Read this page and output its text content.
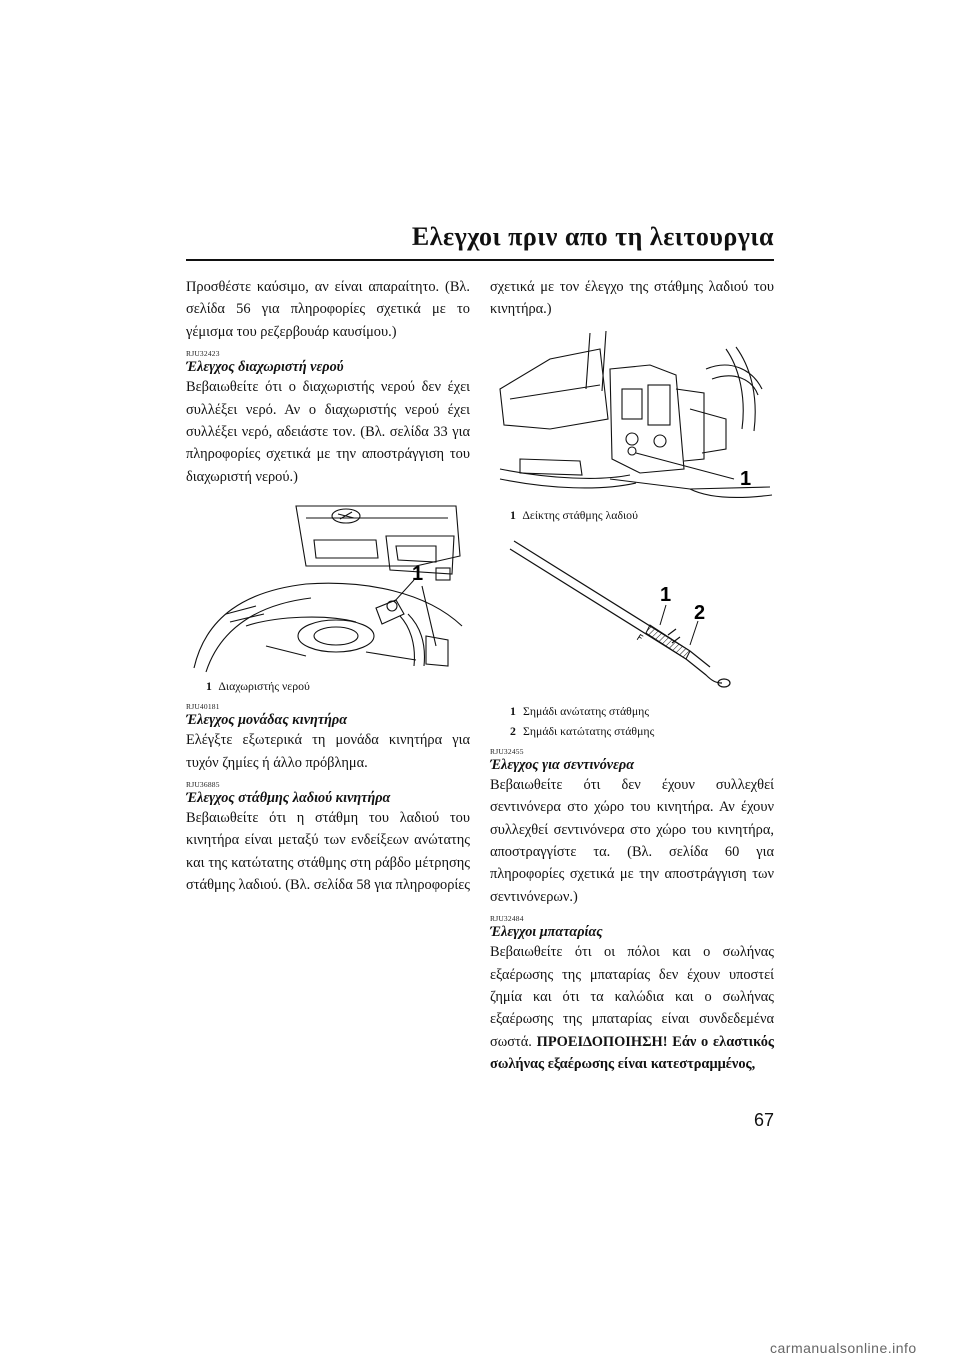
Ελεγχοι πριν απο τη λειτουργια

Προσθέστε καύσιμο, αν είναι απαραίτητο. (Βλ. σελίδα 56 για πληροφορίες σχετικά με το γέμισμα του ρεζερβουάρ καυσίμου.)

RJU32423
Έλεγχος διαχωριστή νερού

Βεβαιωθείτε ότι ο διαχωριστής νερού δεν έχει συλλέξει νερό. Αν ο διαχωριστής νερού έχει συλλέξει νερό, αδειάστε τον. (Βλ. σελίδα 33 για πληροφορίες σχετικά με την αποστράγγιση του διαχωριστή νερού.)

1
1 Διαχωριστής νερού
RJU40181
Έλεγχος μονάδας κινητήρα

Ελέγξτε εξωτερικά τη μονάδα κινητήρα για τυχόν ζημίες ή άλλο πρόβλημα.

RJU36885
Έλεγχος στάθμης λαδιού κινητήρα

Βεβαιωθείτε ότι η στάθμη του λαδιού του κινητήρα είναι μεταξύ των ενδείξεων ανώτατης και της κατώτατης στάθμης στη ράβδο μέτρησης στάθμης λαδιού. (Βλ. σελίδα 58 για πληροφορίες

σχετικά με τον έλεγχο της στάθμης λαδιού του κινητήρα.)

1
1 Δείκτης στάθμης λαδιού
F
1
2
1 Σημάδι ανώτατης στάθμης
2 Σημάδι κατώτατης στάθμης
RJU32455
Έλεγχος για σεντινόνερα

Βεβαιωθείτε ότι δεν έχουν συλλεχθεί σεντινόνερα στο χώρο του κινητήρα. Αν έχουν συλλεχθεί σεντινόνερα στο χώρο του κινητήρα, αποστραγγίστε τα. (Βλ. σελίδα 60 για πληροφορίες σχετικά με την αποστράγγιση των σεντινόνερων.)

RJU32484
Έλεγχοι μπαταρίας

Βεβαιωθείτε ότι οι πόλοι και ο σωλήνας εξαέρωσης της μπαταρίας δεν έχουν υποστεί ζημία και ότι τα καλώδια και ο σωλήνας εξαέρωσης της μπαταρίας είναι συνδεδεμένα σωστά. ΠΡΟΕΙΔΟΠΟΙΗΣΗ! Εάν ο ελαστικός σωλήνας εξαέρωσης είναι κατεστραμμένος,

67
carmanualsonline.info
